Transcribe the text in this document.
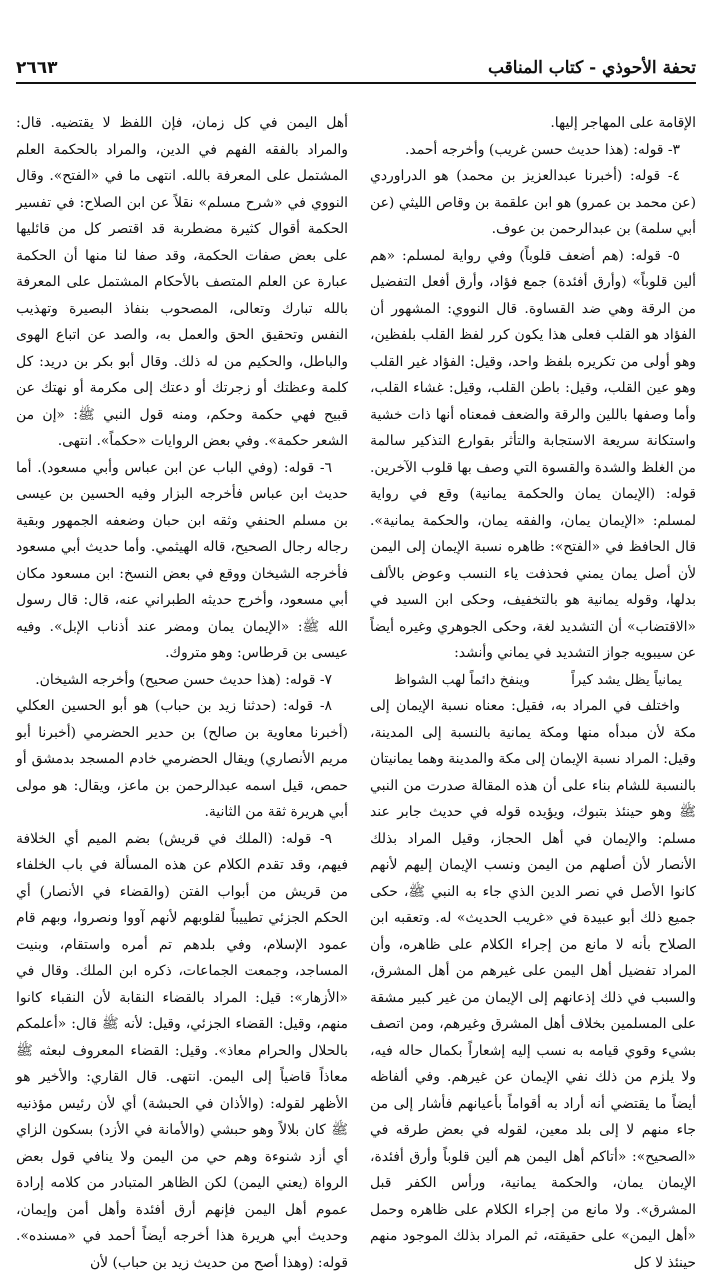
تحفة الأحوذي - كتاب المناقب
٢٦٦٣

الإقامة على المهاجر إليها.

٣- قوله: (هذا حديث حسن غريب) وأخرجه أحمد.

٤- قوله: (أخبرنا عبدالعزيز بن محمد) هو الدراوردي (عن محمد بن عمرو) هو ابن علقمة بن وقاص الليثي (عن أبي سلمة) بن عبدالرحمن بن عوف.

٥- قوله: (هم أضعف قلوباً) وفي رواية لمسلم: «هم ألين قلوباً» (وأرق أفئدة) جمع فؤاد، وأرق أفعل التفضيل من الرقة وهي ضد القساوة. قال النووي: المشهور أن الفؤاد هو القلب فعلى هذا يكون كرر لفظ القلب بلفظين، وهو أولى من تكريره بلفظ واحد، وقيل: الفؤاد غير القلب وهو عين القلب، وقيل: باطن القلب، وقيل: غشاء القلب، وأما وصفها باللين والرقة والضعف فمعناه أنها ذات خشية واستكانة سريعة الاستجابة والتأثر بقوارع التذكير سالمة من الغلظ والشدة والقسوة التي وصف بها قلوب الآخرين. قوله: (الإيمان يمان والحكمة يمانية) وقع في رواية لمسلم: «الإيمان يمان، والفقه يمان، والحكمة يمانية». قال الحافظ في «الفتح»: ظاهره نسبة الإيمان إلى اليمن لأن أصل يمان يمني فحذفت ياء النسب وعوض بالألف بدلها، وقوله يمانية هو بالتخفيف، وحكى ابن السيد في «الاقتضاب» أن التشديد لغة، وحكى الجوهري وغيره أيضاً عن سيبويه جواز التشديد في يماني وأنشد:

يمانياً يظل يشد كيراً
وينفخ دائماً لهب الشواظ

واختلف في المراد به، فقيل: معناه نسبة الإيمان إلى مكة لأن مبدأه منها ومكة يمانية بالنسبة إلى المدينة، وقيل: المراد نسبة الإيمان إلى مكة والمدينة وهما يمانيتان بالنسبة للشام بناء على أن هذه المقالة صدرت من النبي ﷺ وهو حينئذ بتبوك، ويؤيده قوله في حديث جابر عند مسلم: والإيمان في أهل الحجاز، وقيل المراد بذلك الأنصار لأن أصلهم من اليمن ونسب الإيمان إليهم لأنهم كانوا الأصل في نصر الدين الذي جاء به النبي ﷺ، حكى جميع ذلك أبو عبيدة في «غريب الحديث» له. وتعقبه ابن الصلاح بأنه لا مانع من إجراء الكلام على ظاهره، وأن المراد تفضيل أهل اليمن على غيرهم من أهل المشرق، والسبب في ذلك إذعانهم إلى الإيمان من غير كبير مشقة على المسلمين بخلاف أهل المشرق وغيرهم، ومن اتصف بشيء وقوي قيامه به نسب إليه إشعاراً بكمال حاله فيه، ولا يلزم من ذلك نفي الإيمان عن غيرهم. وفي ألفاظه أيضاً ما يقتضي أنه أراد به أقواماً بأعيانهم فأشار إلى من جاء منهم لا إلى بلد معين، لقوله في بعض طرقه في «الصحيح»: «أتاكم أهل اليمن هم ألين قلوباً وأرق أفئدة، الإيمان يمان، والحكمة يمانية، ورأس الكفر قبل المشرق». ولا مانع من إجراء الكلام على ظاهره وحمل «أهل اليمن» على حقيقته، ثم المراد بذلك الموجود منهم حينئذ لا كل

أهل اليمن في كل زمان، فإن اللفظ لا يقتضيه. قال: والمراد بالفقه الفهم في الدين، والمراد بالحكمة العلم المشتمل على المعرفة بالله. انتهى ما في «الفتح». وقال النووي في «شرح مسلم» نقلاً عن ابن الصلاح: في تفسير الحكمة أقوال كثيرة مضطربة قد اقتصر كل من قائليها على بعض صفات الحكمة، وقد صفا لنا منها أن الحكمة عبارة عن العلم المتصف بالأحكام المشتمل على المعرفة بالله تبارك وتعالى، المصحوب بنفاذ البصيرة وتهذيب النفس وتحقيق الحق والعمل به، والصد عن اتباع الهوى والباطل، والحكيم من له ذلك. وقال أبو بكر بن دريد: كل كلمة وعظتك أو زجرتك أو دعتك إلى مكرمة أو نهتك عن قبيح فهي حكمة وحكم، ومنه قول النبي ﷺ: «إن من الشعر حكمة». وفي بعض الروايات «حكماً». انتهى.

٦- قوله: (وفي الباب عن ابن عباس وأبي مسعود). أما حديث ابن عباس فأخرجه البزار وفيه الحسين بن عيسى بن مسلم الحنفي وثقه ابن حبان وضعفه الجمهور وبقية رجاله رجال الصحيح، قاله الهيثمي. وأما حديث أبي مسعود فأخرجه الشيخان ووقع في بعض النسخ: ابن مسعود مكان أبي مسعود، وأخرج حديثه الطبراني عنه، قال: قال رسول الله ﷺ: «الإيمان يمان ومضر عند أذناب الإبل». وفيه عيسى بن قرطاس: وهو متروك.

٧- قوله: (هذا حديث حسن صحيح) وأخرجه الشيخان.

٨- قوله: (حدثنا زيد بن حباب) هو أبو الحسين العكلي (أخبرنا معاوية بن صالح) بن حدير الحضرمي (أخبرنا أبو مريم الأنصاري) ويقال الحضرمي خادم المسجد بدمشق أو حمص، قيل اسمه عبدالرحمن بن ماعز، ويقال: هو مولى أبي هريرة ثقة من الثانية.

٩- قوله: (الملك في قريش) بضم الميم أي الخلافة فيهم، وقد تقدم الكلام عن هذه المسألة في باب الخلفاء من قريش من أبواب الفتن (والقضاء في الأنصار) أي الحكم الجزئي تطييباً لقلوبهم لأنهم آووا ونصروا، وبهم قام عمود الإسلام، وفي بلدهم تم أمره واستقام، وبنيت المساجد، وجمعت الجماعات، ذكره ابن الملك. وقال في «الأزهار»: قيل: المراد بالقضاء النقابة لأن النقباء كانوا منهم، وقيل: القضاء الجزئي، وقيل: لأنه ﷺ قال: «أعلمكم بالحلال والحرام معاذ». وقيل: القضاء المعروف لبعثه ﷺ معاذاً قاضياً إلى اليمن. انتهى. قال القاري: والأخير هو الأظهر لقوله: (والأذان في الحبشة) أي لأن رئيس مؤذنيه ﷺ كان بلالاً وهو حبشي (والأمانة في الأزد) بسكون الزاي أي أزد شنوءة وهم حي من اليمن ولا ينافي قول بعض الرواة (يعني اليمن) لكن الظاهر المتبادر من كلامه إرادة عموم أهل اليمن فإنهم أرق أفئدة وأهل أمن وإيمان، وحديث أبي هريرة هذا أخرجه أيضاً أحمد في «مسنده». قوله: (وهذا أصح من حديث زيد بن حباب) لأن
